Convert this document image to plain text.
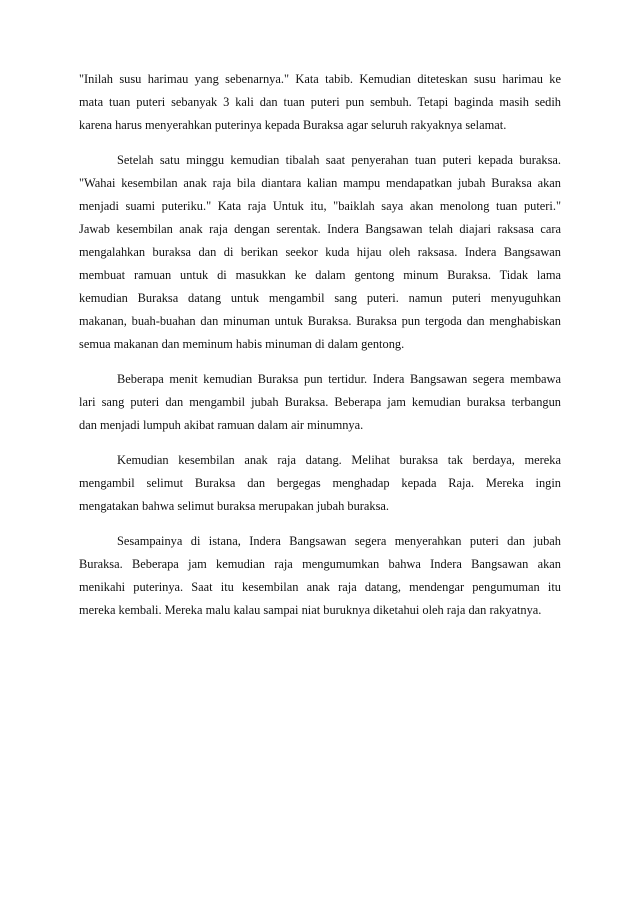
"Inilah susu harimau yang sebenarnya." Kata tabib. Kemudian diteteskan susu harimau ke
mata tuan puteri sebanyak 3 kali dan tuan puteri pun sembuh. Tetapi baginda masih sedih
karena harus menyerahkan puterinya kepada Buraksa agar seluruh rakyaknya selamat.
Setelah satu minggu kemudian tibalah saat penyerahan tuan puteri kepada buraksa.
"Wahai kesembilan anak raja bila diantara kalian mampu mendapatkan jubah Buraksa akan
menjadi suami puteriku." Kata raja Untuk itu, "baiklah saya akan menolong tuan puteri."
Jawab kesembilan anak raja dengan serentak. Indera Bangsawan telah diajari raksasa cara
mengalahkan buraksa dan di berikan seekor kuda hijau oleh raksasa. Indera Bangsawan
membuat ramuan untuk di masukkan ke dalam gentong minum Buraksa. Tidak lama
kemudian Buraksa datang untuk mengambil sang puteri. namun puteri menyuguhkan
makanan, buah-buahan dan minuman untuk Buraksa. Buraksa pun tergoda dan menghabiskan
semua makanan dan meminum habis minuman di dalam gentong.
Beberapa menit kemudian Buraksa pun tertidur. Indera Bangsawan segera membawa
lari sang puteri dan mengambil jubah Buraksa. Beberapa jam kemudian buraksa terbangun
dan menjadi lumpuh akibat ramuan dalam air minumnya.
Kemudian kesembilan anak raja datang. Melihat buraksa tak berdaya, mereka
mengambil selimut Buraksa dan bergegas menghadap kepada Raja. Mereka ingin
mengatakan bahwa selimut buraksa merupakan jubah buraksa.
Sesampainya di istana, Indera Bangsawan segera menyerahkan puteri dan jubah
Buraksa. Beberapa jam kemudian raja mengumumkan bahwa Indera Bangsawan akan
menikahi puterinya. Saat itu kesembilan anak raja datang, mendengar pengumuman itu
mereka kembali. Mereka malu kalau sampai niat buruknya diketahui oleh raja dan rakyatnya.
